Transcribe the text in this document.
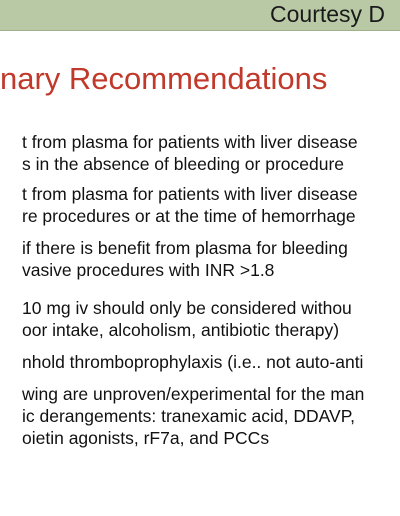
Courtesy D
nary Recommendations
t from plasma for patients with liver disease
s in the absence of bleeding or procedure
t from plasma for patients with liver disease
re procedures or at the time of hemorrhage
if there is benefit from plasma for bleeding
vasive procedures with INR >1.8
10 mg iv should only be considered withou
oor intake, alcoholism, antibiotic therapy)
nhold thromboprophylaxis (i.e.. not auto-anti
wing are unproven/experimental for the man
ic derangements: tranexamic acid, DDAVP,
oietin agonists, rF7a, and PCCs
